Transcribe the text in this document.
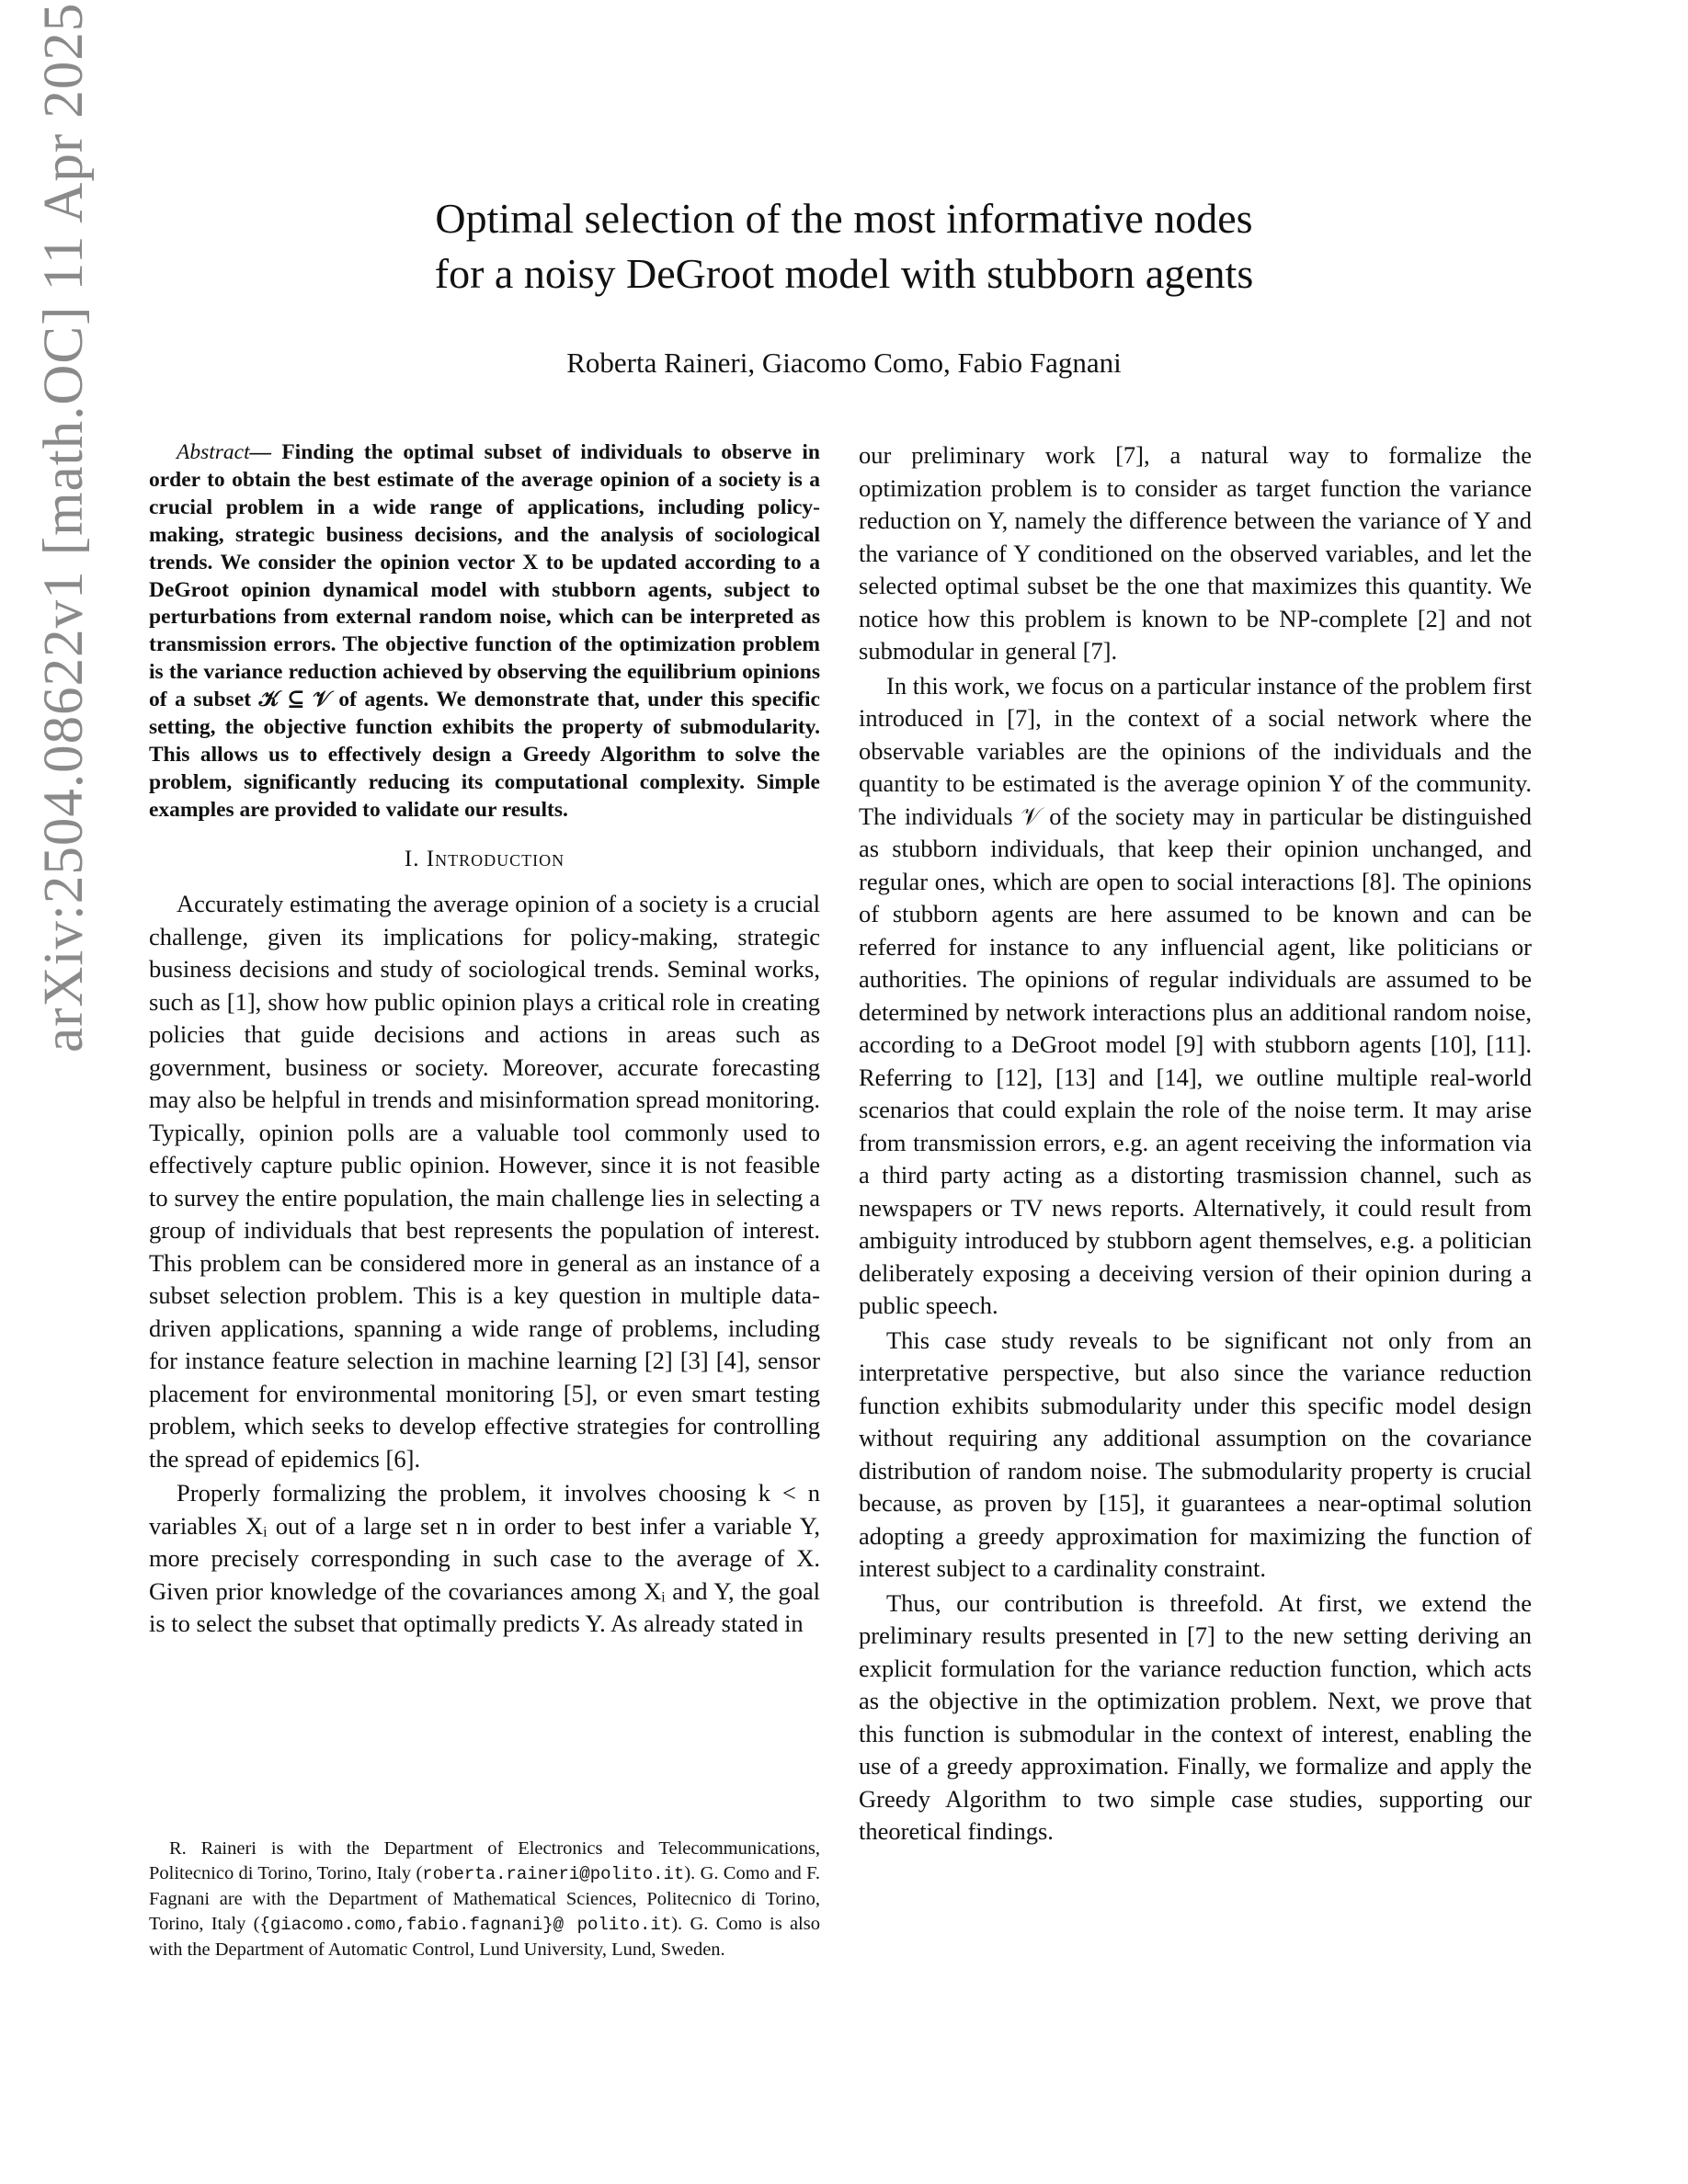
arXiv:2504.08622v1 [math.OC] 11 Apr 2025	Optimal selection of the most informative nodes
for a noisy DeGroot model with stubborn agents
Roberta Raineri, Giacomo Como, Fabio Fagnani

Abstract— Finding the optimal subset of individuals to observe in order to obtain the best estimate of the average opinion of a society is a crucial problem in a wide range of applications, including policy-making, strategic business decisions, and the analysis of sociological trends. We consider the opinion vector X to be updated according to a DeGroot opinion dynamical model with stubborn agents, subject to perturbations from external random noise, which can be interpreted as transmission errors. The objective function of the optimization problem is the variance reduction achieved by observing the equilibrium opinions of a subset 𝒦 ⊆ 𝒱 of agents. We demonstrate that, under this specific setting, the objective function exhibits the property of submodularity. This allows us to effectively design a Greedy Algorithm to solve the problem, significantly reducing its computational complexity. Simple examples are provided to validate our results.

I. Introduction

Accurately estimating the average opinion of a society is a crucial challenge, given its implications for policy-making, strategic business decisions and study of sociological trends. Seminal works, such as [1], show how public opinion plays a critical role in creating policies that guide decisions and actions in areas such as government, business or society. Moreover, accurate forecasting may also be helpful in trends and misinformation spread monitoring. Typically, opinion polls are a valuable tool commonly used to effectively capture public opinion. However, since it is not feasible to survey the entire population, the main challenge lies in selecting a group of individuals that best represents the population of interest. This problem can be considered more in general as an instance of a subset selection problem. This is a key question in multiple data-driven applications, spanning a wide range of problems, including for instance feature selection in machine learning [2] [3] [4], sensor placement for environmental monitoring [5], or even smart testing problem, which seeks to develop effective strategies for controlling the spread of epidemics [6].

Properly formalizing the problem, it involves choosing k < n variables Xᵢ out of a large set n in order to best infer a variable Y, more precisely corresponding in such case to the average of X. Given prior knowledge of the covariances among Xᵢ and Y, the goal is to select the subset that optimally predicts Y. As already stated in

R. Raineri is with the Department of Electronics and Telecommunications, Politecnico di Torino, Torino, Italy (roberta.raineri@polito.it). G. Como and F. Fagnani are with the Department of Mathematical Sciences, Politecnico di Torino, Torino, Italy ({giacomo.como,fabio.fagnani}@ polito.it). G. Como is also with the Department of Automatic Control, Lund University, Lund, Sweden.

our preliminary work [7], a natural way to formalize the optimization problem is to consider as target function the variance reduction on Y, namely the difference between the variance of Y and the variance of Y conditioned on the observed variables, and let the selected optimal subset be the one that maximizes this quantity. We notice how this problem is known to be NP-complete [2] and not submodular in general [7].

In this work, we focus on a particular instance of the problem first introduced in [7], in the context of a social network where the observable variables are the opinions of the individuals and the quantity to be estimated is the average opinion Y of the community. The individuals 𝒱 of the society may in particular be distinguished as stubborn individuals, that keep their opinion unchanged, and regular ones, which are open to social interactions [8]. The opinions of stubborn agents are here assumed to be known and can be referred for instance to any influencial agent, like politicians or authorities. The opinions of regular individuals are assumed to be determined by network interactions plus an additional random noise, according to a DeGroot model [9] with stubborn agents [10], [11]. Referring to [12], [13] and [14], we outline multiple real-world scenarios that could explain the role of the noise term. It may arise from transmission errors, e.g. an agent receiving the information via a third party acting as a distorting trasmission channel, such as newspapers or TV news reports. Alternatively, it could result from ambiguity introduced by stubborn agent themselves, e.g. a politician deliberately exposing a deceiving version of their opinion during a public speech.

This case study reveals to be significant not only from an interpretative perspective, but also since the variance reduction function exhibits submodularity under this specific model design without requiring any additional assumption on the covariance distribution of random noise. The submodularity property is crucial because, as proven by [15], it guarantees a near-optimal solution adopting a greedy approximation for maximizing the function of interest subject to a cardinality constraint.

Thus, our contribution is threefold. At first, we extend the preliminary results presented in [7] to the new setting deriving an explicit formulation for the variance reduction function, which acts as the objective in the optimization problem. Next, we prove that this function is submodular in the context of interest, enabling the use of a greedy approximation. Finally, we formalize and apply the Greedy Algorithm to two simple case studies, supporting our theoretical findings.
